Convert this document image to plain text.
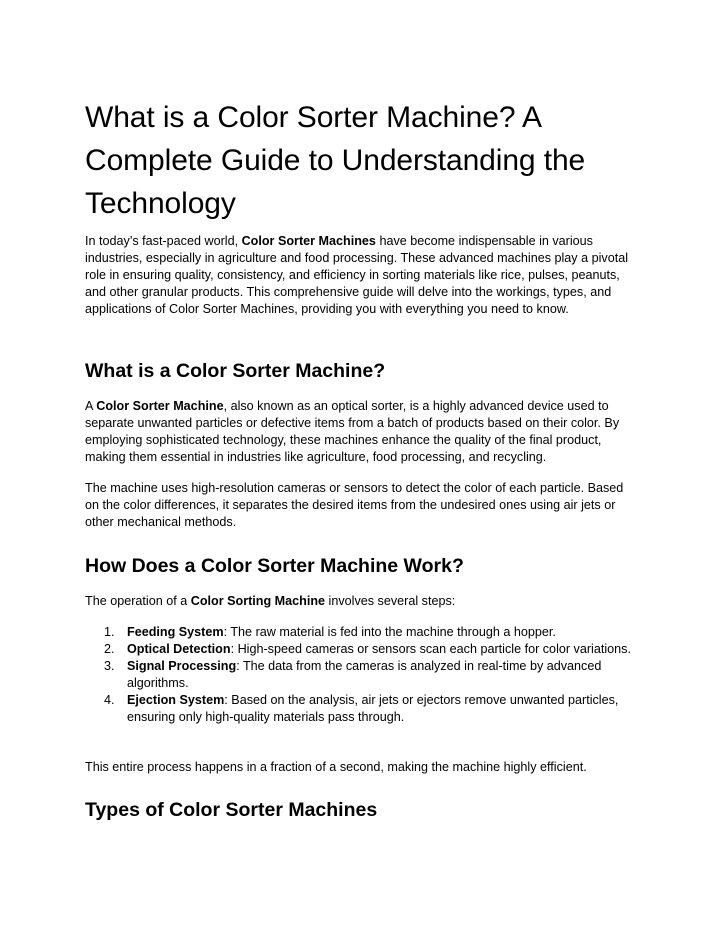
What is a Color Sorter Machine? A Complete Guide to Understanding the Technology

In today’s fast-paced world, Color Sorter Machines have become indispensable in various industries, especially in agriculture and food processing. These advanced machines play a pivotal role in ensuring quality, consistency, and efficiency in sorting materials like rice, pulses, peanuts, and other granular products. This comprehensive guide will delve into the workings, types, and applications of Color Sorter Machines, providing you with everything you need to know.

What is a Color Sorter Machine?

A Color Sorter Machine, also known as an optical sorter, is a highly advanced device used to separate unwanted particles or defective items from a batch of products based on their color. By employing sophisticated technology, these machines enhance the quality of the final product, making them essential in industries like agriculture, food processing, and recycling.

The machine uses high-resolution cameras or sensors to detect the color of each particle. Based on the color differences, it separates the desired items from the undesired ones using air jets or other mechanical methods.

How Does a Color Sorter Machine Work?

The operation of a Color Sorting Machine involves several steps:

1. Feeding System: The raw material is fed into the machine through a hopper.
2. Optical Detection: High-speed cameras or sensors scan each particle for color variations.
3. Signal Processing: The data from the cameras is analyzed in real-time by advanced algorithms.
4. Ejection System: Based on the analysis, air jets or ejectors remove unwanted particles, ensuring only high-quality materials pass through.

This entire process happens in a fraction of a second, making the machine highly efficient.

Types of Color Sorter Machines
